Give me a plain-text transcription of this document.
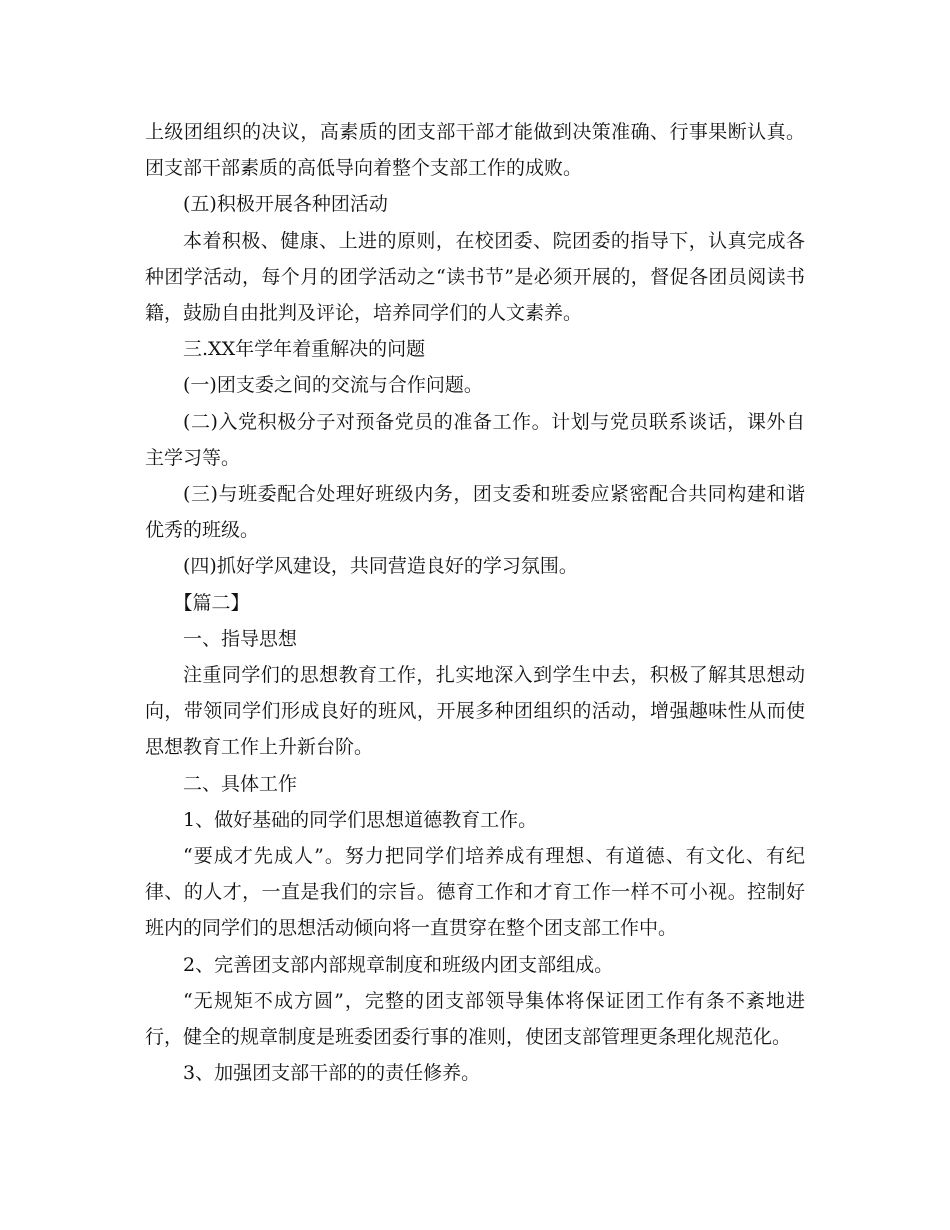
上级团组织的决议，高素质的团支部干部才能做到决策准确、行事果断认真。团支部干部素质的高低导向着整个支部工作的成败。

(五)积极开展各种团活动

本着积极、健康、上进的原则，在校团委、院团委的指导下，认真完成各种团学活动，每个月的团学活动之“读书节”是必须开展的，督促各团员阅读书籍，鼓励自由批判及评论，培养同学们的人文素养。

三.XX年学年着重解决的问题

(一)团支委之间的交流与合作问题。

(二)入党积极分子对预备党员的准备工作。计划与党员联系谈话，课外自主学习等。

(三)与班委配合处理好班级内务，团支委和班委应紧密配合共同构建和谐优秀的班级。

(四)抓好学风建设，共同营造良好的学习氛围。

【篇二】

一、指导思想

注重同学们的思想教育工作，扎实地深入到学生中去，积极了解其思想动向，带领同学们形成良好的班风，开展多种团组织的活动，增强趣味性从而使思想教育工作上升新台阶。

二、具体工作

1、做好基础的同学们思想道德教育工作。

“要成才先成人”。努力把同学们培养成有理想、有道德、有文化、有纪律、的人才，一直是我们的宗旨。德育工作和才育工作一样不可小视。控制好班内的同学们的思想活动倾向将一直贯穿在整个团支部工作中。

2、完善团支部内部规章制度和班级内团支部组成。

“无规矩不成方圆”，完整的团支部领导集体将保证团工作有条不紊地进行，健全的规章制度是班委团委行事的准则，使团支部管理更条理化规范化。

3、加强团支部干部的的责任修养。
